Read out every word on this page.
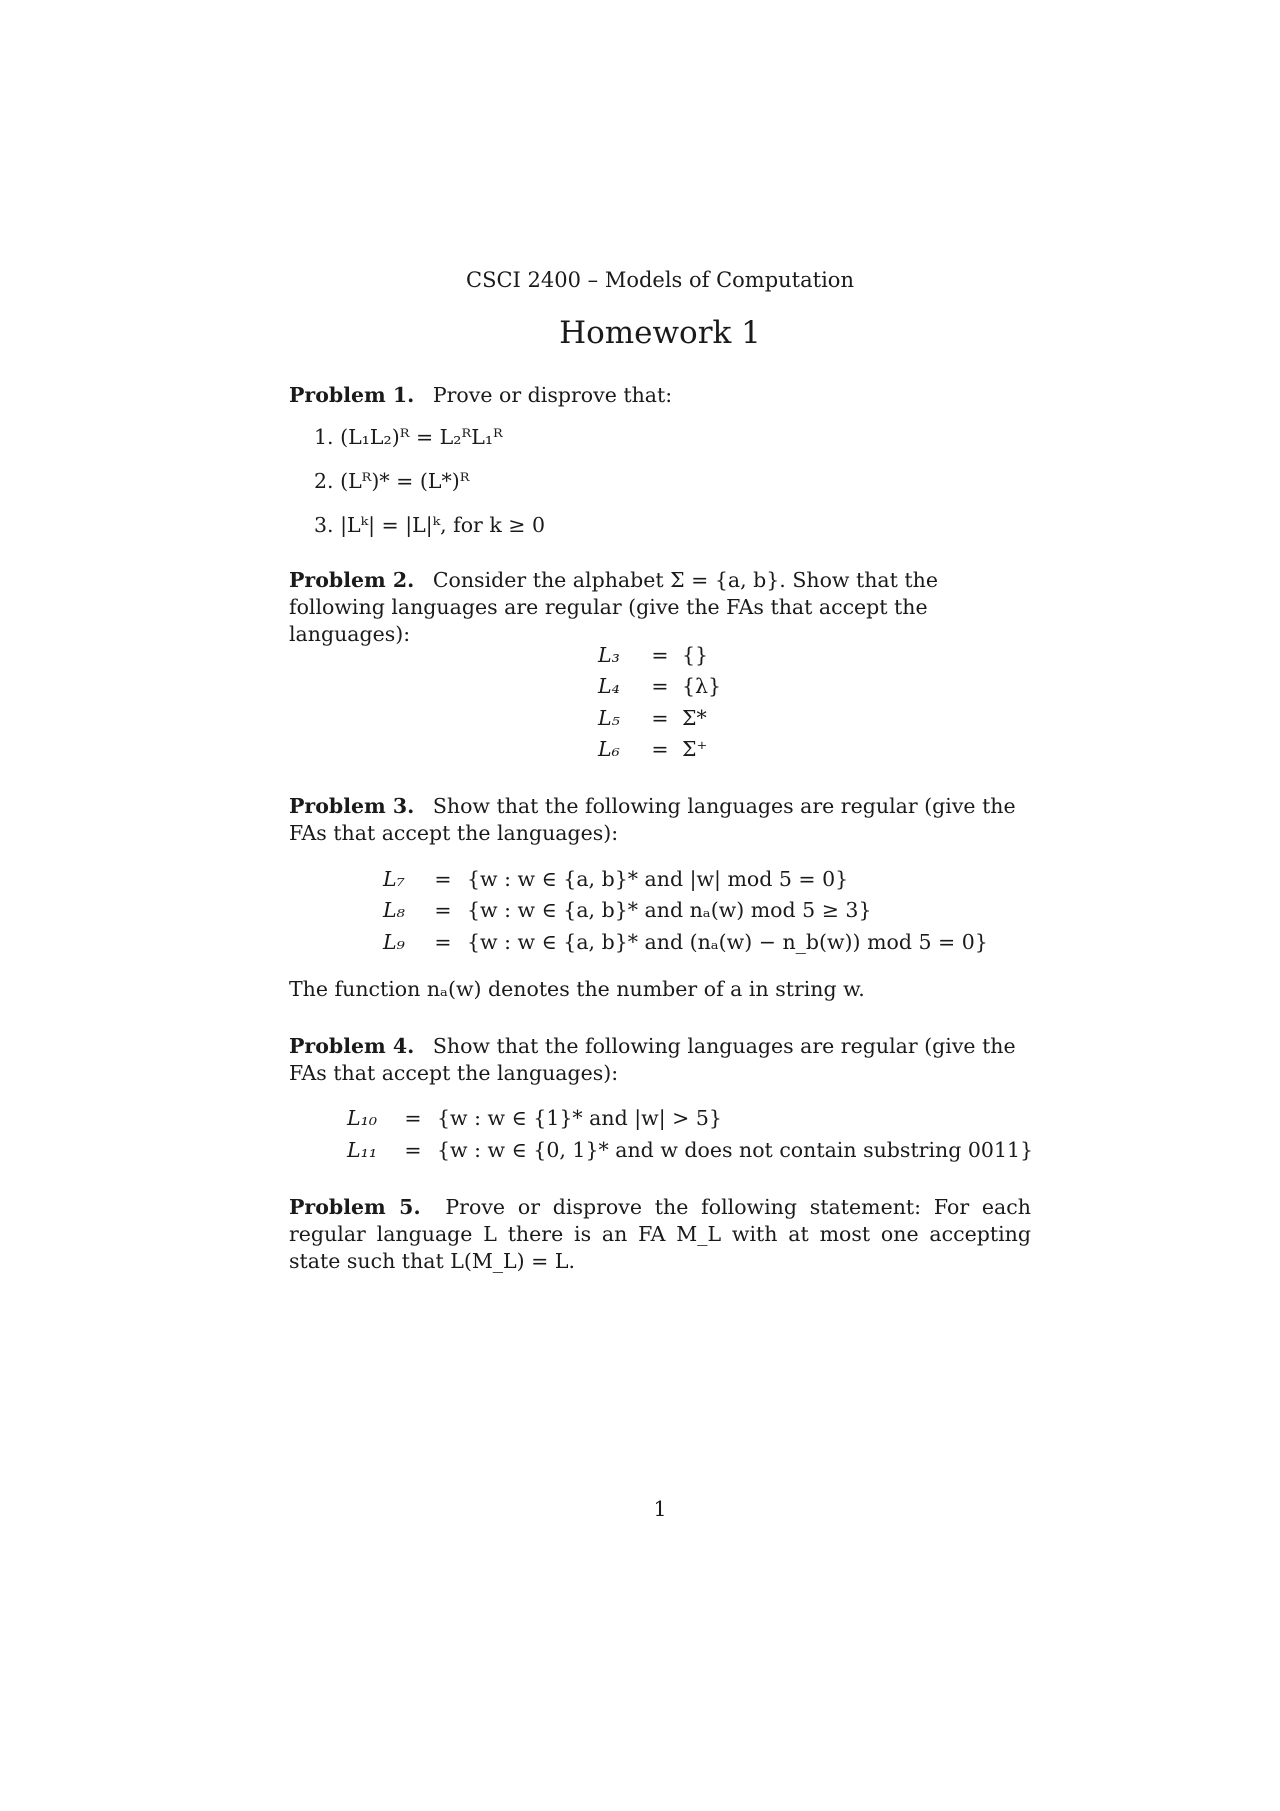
CSCI 2400 – Models of Computation
Homework 1
Problem 1. Prove or disprove that:
1. (L₁L₂)ᴿ = L₂ᴿL₁ᴿ
2. (Lᴿ)* = (L*)ᴿ
3. |Lᵏ| = |L|ᵏ, for k ≥ 0
Problem 2. Consider the alphabet Σ = {a, b}. Show that the following languages are regular (give the FAs that accept the languages):
L₃ = {}
L₄ = {λ}
L₅ = Σ*
L₆ = Σ⁺
Problem 3. Show that the following languages are regular (give the FAs that accept the languages):
L₇ = {w : w ∈ {a, b}* and |w| mod 5 = 0}
L₈ = {w : w ∈ {a, b}* and nₐ(w) mod 5 ≥ 3}
L₉ = {w : w ∈ {a, b}* and (nₐ(w) − n_b(w)) mod 5 = 0}
The function nₐ(w) denotes the number of a in string w.
Problem 4. Show that the following languages are regular (give the FAs that accept the languages):
L₁₀ = {w : w ∈ {1}* and |w| > 5}
L₁₁ = {w : w ∈ {0, 1}* and w does not contain substring 0011}
Problem 5. Prove or disprove the following statement: For each regular language L there is an FA M_L with at most one accepting state such that L(M_L) = L.
1
